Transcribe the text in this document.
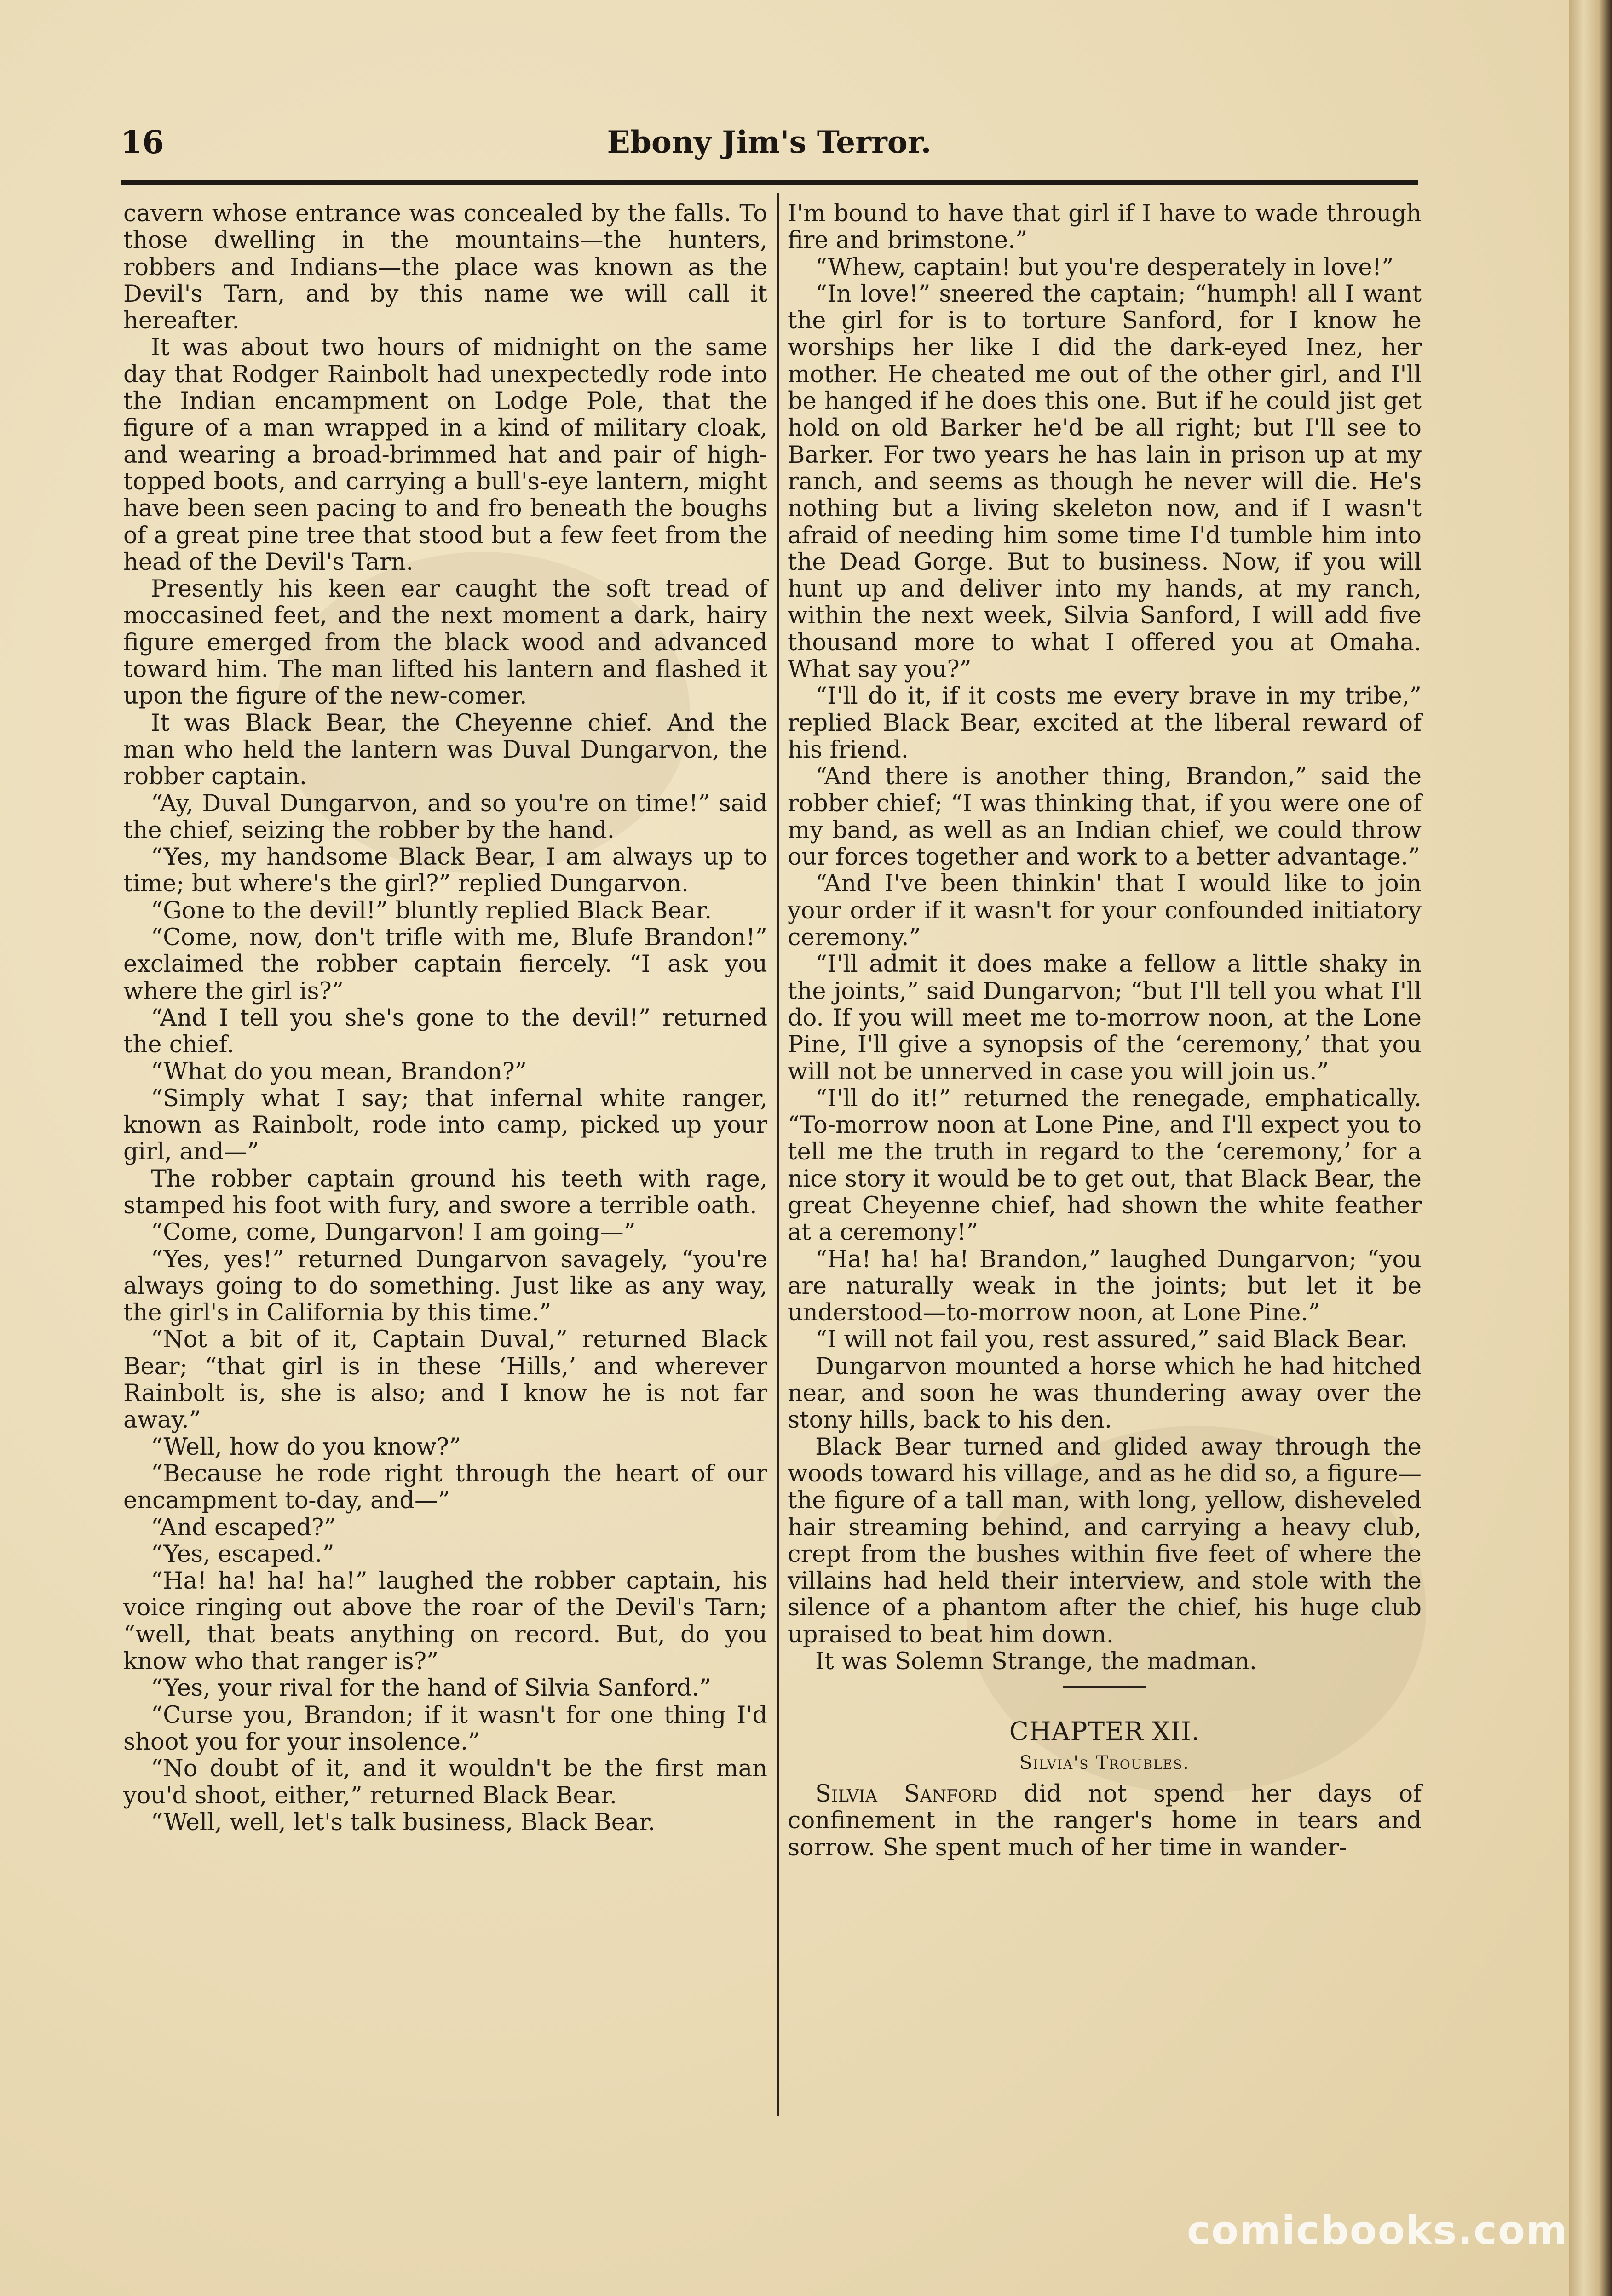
16	Ebony Jim's Terror.

cavern whose entrance was concealed by the falls. To those dwelling in the mountains—the hunters, robbers and Indians—the place was known as the Devil's Tarn, and by this name we will call it hereafter.

It was about two hours of midnight on the same day that Rodger Rainbolt had unexpectedly rode into the Indian encampment on Lodge Pole, that the figure of a man wrapped in a kind of military cloak, and wearing a broad-brimmed hat and pair of high-topped boots, and carrying a bull's-eye lantern, might have been seen pacing to and fro beneath the boughs of a great pine tree that stood but a few feet from the head of the Devil's Tarn.

Presently his keen ear caught the soft tread of moccasined feet, and the next moment a dark, hairy figure emerged from the black wood and advanced toward him. The man lifted his lantern and flashed it upon the figure of the new-comer.

It was Black Bear, the Cheyenne chief. And the man who held the lantern was Duval Dungarvon, the robber captain.

“Ay, Duval Dungarvon, and so you're on time!” said the chief, seizing the robber by the hand.

“Yes, my handsome Black Bear, I am always up to time; but where's the girl?” replied Dungarvon.

“Gone to the devil!” bluntly replied Black Bear.

“Come, now, don't trifle with me, Blufe Brandon!” exclaimed the robber captain fiercely. “I ask you where the girl is?”

“And I tell you she's gone to the devil!” returned the chief.

“What do you mean, Brandon?”

“Simply what I say; that infernal white ranger, known as Rainbolt, rode into camp, picked up your girl, and—”

The robber captain ground his teeth with rage, stamped his foot with fury, and swore a terrible oath.

“Come, come, Dungarvon! I am going—”

“Yes, yes!” returned Dungarvon savagely, “you're always going to do something. Just like as any way, the girl's in California by this time.”

“Not a bit of it, Captain Duval,” returned Black Bear; “that girl is in these ‘Hills,’ and wherever Rainbolt is, she is also; and I know he is not far away.”

“Well, how do you know?”

“Because he rode right through the heart of our encampment to-day, and—”

“And escaped?”

“Yes, escaped.”

“Ha! ha! ha! ha!” laughed the robber captain, his voice ringing out above the roar of the Devil's Tarn; “well, that beats anything on record. But, do you know who that ranger is?”

“Yes, your rival for the hand of Silvia Sanford.”

“Curse you, Brandon; if it wasn't for one thing I'd shoot you for your insolence.”

“No doubt of it, and it wouldn't be the first man you'd shoot, either,” returned Black Bear.

“Well, well, let's talk business, Black Bear.

I'm bound to have that girl if I have to wade through fire and brimstone.”

“Whew, captain! but you're desperately in love!”

“In love!” sneered the captain; “humph! all I want the girl for is to torture Sanford, for I know he worships her like I did the dark-eyed Inez, her mother. He cheated me out of the other girl, and I'll be hanged if he does this one. But if he could jist get hold on old Barker he'd be all right; but I'll see to Barker. For two years he has lain in prison up at my ranch, and seems as though he never will die. He's nothing but a living skeleton now, and if I wasn't afraid of needing him some time I'd tumble him into the Dead Gorge. But to business. Now, if you will hunt up and deliver into my hands, at my ranch, within the next week, Silvia Sanford, I will add five thousand more to what I offered you at Omaha. What say you?”

“I'll do it, if it costs me every brave in my tribe,” replied Black Bear, excited at the liberal reward of his friend.

“And there is another thing, Brandon,” said the robber chief; “I was thinking that, if you were one of my band, as well as an Indian chief, we could throw our forces together and work to a better advantage.”

“And I've been thinkin' that I would like to join your order if it wasn't for your confounded initiatory ceremony.”

“I'll admit it does make a fellow a little shaky in the joints,” said Dungarvon; “but I'll tell you what I'll do. If you will meet me to-morrow noon, at the Lone Pine, I'll give a synopsis of the ‘ceremony,’ that you will not be unnerved in case you will join us.”

“I'll do it!” returned the renegade, emphatically. “To-morrow noon at Lone Pine, and I'll expect you to tell me the truth in regard to the ‘ceremony,’ for a nice story it would be to get out, that Black Bear, the great Cheyenne chief, had shown the white feather at a ceremony!”

“Ha! ha! ha! Brandon,” laughed Dungarvon; “you are naturally weak in the joints; but let it be understood—to-morrow noon, at Lone Pine.”

“I will not fail you, rest assured,” said Black Bear.

Dungarvon mounted a horse which he had hitched near, and soon he was thundering away over the stony hills, back to his den.

Black Bear turned and glided away through the woods toward his village, and as he did so, a figure—the figure of a tall man, with long, yellow, disheveled hair streaming behind, and carrying a heavy club, crept from the bushes within five feet of where the villains had held their interview, and stole with the silence of a phantom after the chief, his huge club upraised to beat him down.

It was Solemn Strange, the madman.

CHAPTER XII.

Silvia's Troubles.

Silvia Sanford did not spend her days of confinement in the ranger's home in tears and sorrow. She spent much of her time in wander-

comicbooks.com
